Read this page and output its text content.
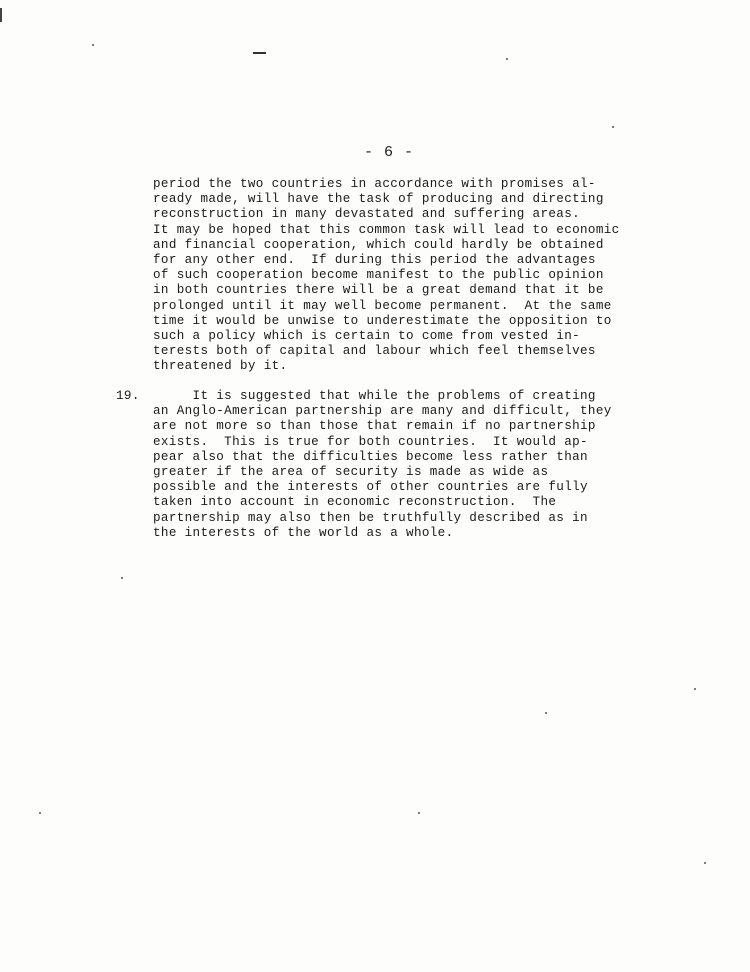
- 6 -
period the two countries in accordance with promises al-
ready made, will have the task of producing and directing
reconstruction in many devastated and suffering areas.
It may be hoped that this common task will lead to economic
and financial cooperation, which could hardly be obtained
for any other end.  If during this period the advantages
of such cooperation become manifest to the public opinion
in both countries there will be a great demand that it be
prolonged until it may well become permanent.  At the same
time it would be unwise to underestimate the opposition to
such a policy which is certain to come from vested in-
terests both of capital and labour which feel themselves
threatened by it.
19. It is suggested that while the problems of creating
an Anglo-American partnership are many and difficult, they
are not more so than those that remain if no partnership
exists.  This is true for both countries.  It would ap-
pear also that the difficulties become less rather than
greater if the area of security is made as wide as
possible and the interests of other countries are fully
taken into account in economic reconstruction.  The
partnership may also then be truthfully described as in
the interests of the world as a whole.
